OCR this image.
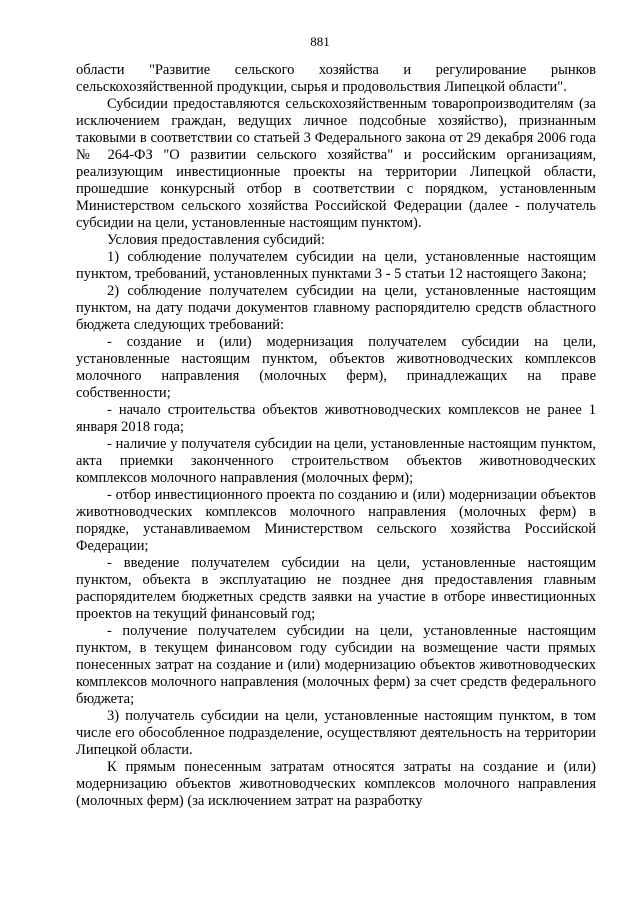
881

области "Развитие сельского хозяйства и регулирование рынков сельскохозяйственной продукции, сырья и продовольствия Липецкой области".

Субсидии предоставляются сельскохозяйственным товаропроизводителям (за исключением граждан, ведущих личное подсобные хозяйство), признанным таковыми в соответствии со статьей 3 Федерального закона от 29 декабря 2006 года № 264-ФЗ "О развитии сельского хозяйства" и российским организациям, реализующим инвестиционные проекты на территории Липецкой области, прошедшие конкурсный отбор в соответствии с порядком, установленным Министерством сельского хозяйства Российской Федерации (далее - получатель субсидии на цели, установленные настоящим пунктом).

Условия предоставления субсидий:

1) соблюдение получателем субсидии на цели, установленные настоящим пунктом, требований, установленных пунктами 3 - 5 статьи 12 настоящего Закона;

2) соблюдение получателем субсидии на цели, установленные настоящим пунктом, на дату подачи документов главному распорядителю средств областного бюджета следующих требований:

- создание и (или) модернизация получателем субсидии на цели, установленные настоящим пунктом, объектов животноводческих комплексов молочного направления (молочных ферм), принадлежащих на праве собственности;

- начало строительства объектов животноводческих комплексов не ранее 1 января 2018 года;

- наличие у получателя субсидии на цели, установленные настоящим пунктом, акта приемки законченного строительством объектов животноводческих комплексов молочного направления (молочных ферм);

- отбор инвестиционного проекта по созданию и (или) модернизации объектов животноводческих комплексов молочного направления (молочных ферм) в порядке, устанавливаемом Министерством сельского хозяйства Российской Федерации;

- введение получателем субсидии на цели, установленные настоящим пунктом, объекта в эксплуатацию не позднее дня предоставления главным распорядителем бюджетных средств заявки на участие в отборе инвестиционных проектов на текущий финансовый год;

- получение получателем субсидии на цели, установленные настоящим пунктом, в текущем финансовом году субсидии на возмещение части прямых понесенных затрат на создание и (или) модернизацию объектов животноводческих комплексов молочного направления (молочных ферм) за счет средств федерального бюджета;

3) получатель субсидии на цели, установленные настоящим пунктом, в том числе его обособленное подразделение, осуществляют деятельность на территории Липецкой области.

К прямым понесенным затратам относятся затраты на создание и (или) модернизацию объектов животноводческих комплексов молочного направления (молочных ферм) (за исключением затрат на разработку
